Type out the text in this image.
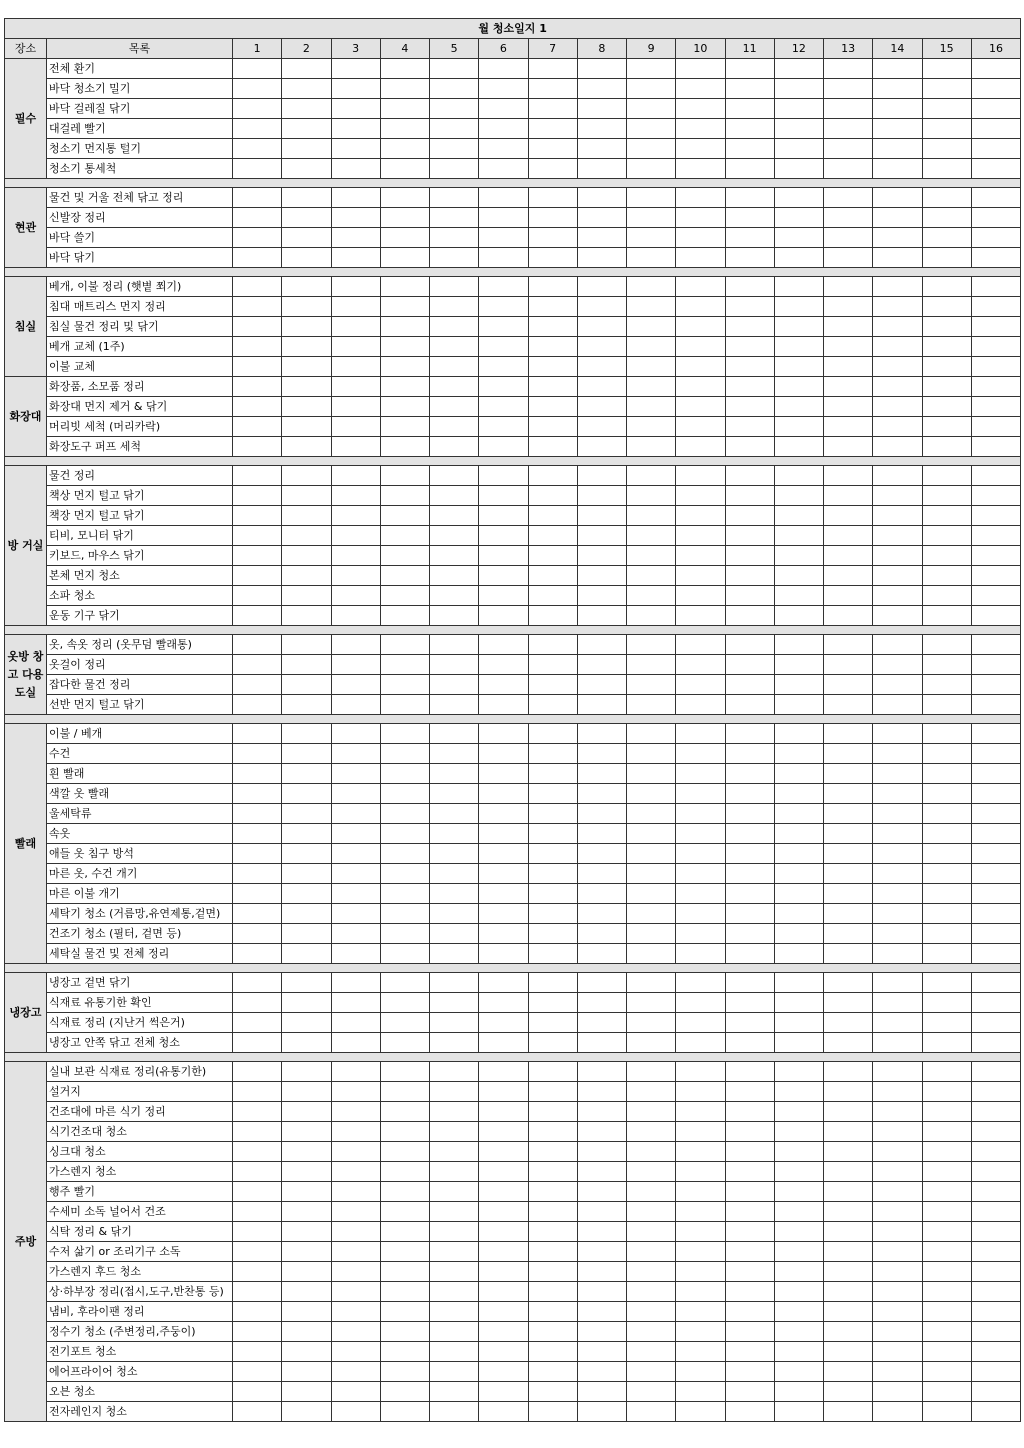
월 청소일지 1																	
장소	목록	1	2	3	4	5	6	7	8	9	10	11	12	13	14	15	16
필수	전체 환기																
	바닥 청소기 밀기																
	바닥 걸레질 닦기																
	대걸레 빨기																
	청소기 먼지통 털기																
	청소기 통세척																

현관	물건 및 거울 전체 닦고 정리																
	신발장 정리																
	바닥 쓸기																
	바닥 닦기																

침실	베개, 이불 정리 (햇볕 쬐기)																
	침대 매트리스 먼지 정리																
	침실 물건 정리 및 닦기																
	베개 교체 (1주)																
	이불 교체																
화장대	화장품, 소모품 정리																
	화장대 먼지 제거 & 닦기																
	머리빗 세척 (머리카락)																
	화장도구 퍼프 세척																

방 거실	물건 정리																
	책상 먼지 털고 닦기																
	책장 먼지 털고 닦기																
	티비, 모니터 닦기																
	키보드, 마우스 닦기																
	본체 먼지 청소																
	소파 청소																
	운동 기구 닦기																

옷방 창고 다용도실	옷, 속옷 정리 (옷무덤 빨래통)																
	옷걸이 정리																
	잡다한 물건 정리																
	선반 먼지 털고 닦기																

빨래	이불 / 베개																
	수건																
	흰 빨래																
	색깔 옷 빨래																
	울세탁류																
	속옷																
	애들 옷 침구 방석																
	마른 옷, 수건 개기																
	마른 이불 개기																
	세탁기 청소 (거름망,유연제통,겉면)																
	건조기 청소 (필터, 겉면 등)																
	세탁실 물건 및 전체 정리																

냉장고	냉장고 겉면 닦기																
	식재료 유통기한 확인																
	식재료 정리 (지난거 썩은거)																
	냉장고 안쪽 닦고 전체 청소																

주방	실내 보관 식재료 정리(유통기한)																
	설거지																
	건조대에 마른 식기 정리																
	식기건조대 청소																
	싱크대 청소																
	가스렌지 청소																
	행주 빨기																
	수세미 소독 널어서 건조																
	식탁 정리 & 닦기																
	수저 삶기 or 조리기구 소독																
	가스렌지 후드 청소																
	상·하부장 정리(접시,도구,반찬통 등)																
	냄비, 후라이팬 정리																
	정수기 청소 (주변정리,주둥이)																
	전기포트 청소																
	에어프라이어 청소																
	오븐 청소																
	전자레인지 청소																
